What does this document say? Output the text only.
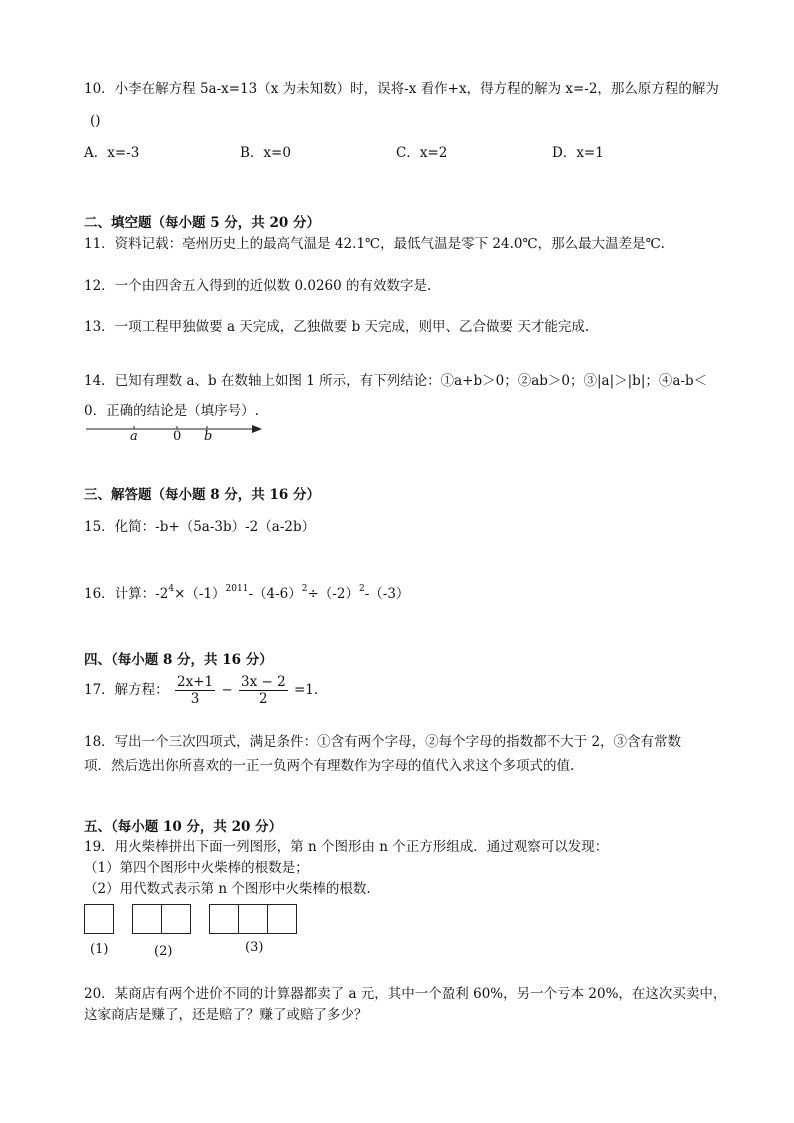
10．小李在解方程 5a-x=13（x 为未知数）时，误将-x 看作+x，得方程的解为 x=-2，那么原方程的解为
()
A．x=-3	B．x=0	C．x=2	D．x=1
二、填空题（每小题 5 分，共 20 分）
11．资料记载：亳州历史上的最高气温是 42.1℃，最低气温是零下 24.0℃，那么最大温差是℃.
12．一个由四舍五入得到的近似数 0.0260 的有效数字是.
13．一项工程甲独做要 a 天完成，乙独做要 b 天完成，则甲、乙合做要 天才能完成.
14．已知有理数 a、b 在数轴上如图 1 所示，有下列结论：①a+b＞0；②ab＞0；③|a|＞|b|；④a-b＜
0．正确的结论是（填序号）.
a	0 b
三、解答题（每小题 8 分，共 16 分）
15．化简：-b+（5a-3b）-2（a-2b）
16．计算：$-2^4\times(-1)^{2011}-(4-6)^2\div(-2)^2-(-3)$
四、（每小题 8 分，共 16 分）
17．解方程： $\frac{2x+1}{3} - \frac{3x - 2}{2} =1$.
18．写出一个三次四项式，满足条件：①含有两个字母，②每个字母的指数都不大于 2，③含有常数
项．然后选出你所喜欢的一正一负两个有理数作为字母的值代入求这个多项式的值.
五、（每小题 10 分，共 20 分）
19．用火柴棒拼出下面一列图形，第 n 个图形由 n 个正方形组成．通过观察可以发现：
（1）第四个图形中火柴棒的根数是；
（2）用代数式表示第 n 个图形中火柴棒的根数.
(1)	(2)	(3)
20．某商店有两个进价不同的计算器都卖了 a 元，其中一个盈利 60%，另一个亏本 20%，在这次买卖中，
这家商店是赚了，还是赔了？赚了或赔了多少？
